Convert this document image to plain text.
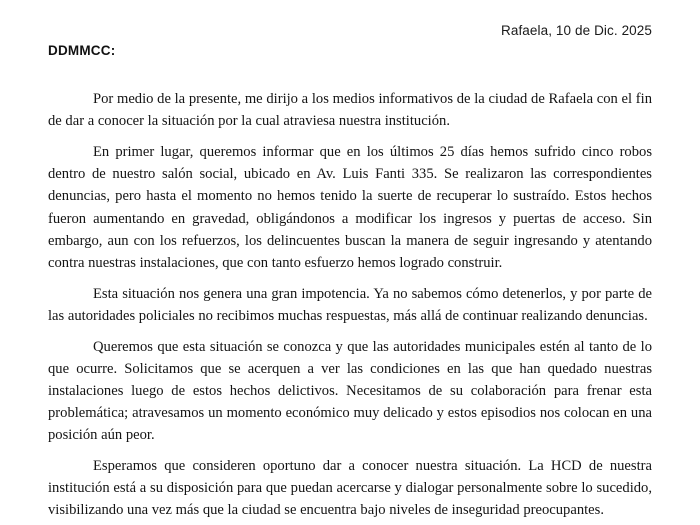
Rafaela, 10 de Dic. 2025
DDMMCC:

Por medio de la presente, me dirijo a los medios informativos de la ciudad de Rafaela con el fin de dar a conocer la situación por la cual atraviesa nuestra institución.

En primer lugar, queremos informar que en los últimos 25 días hemos sufrido cinco robos dentro de nuestro salón social, ubicado en Av. Luis Fanti 335. Se realizaron las correspondientes denuncias, pero hasta el momento no hemos tenido la suerte de recuperar lo sustraído. Estos hechos fueron aumentando en gravedad, obligándonos a modificar los ingresos y puertas de acceso. Sin embargo, aun con los refuerzos, los delincuentes buscan la manera de seguir ingresando y atentando contra nuestras instalaciones, que con tanto esfuerzo hemos logrado construir.

Esta situación nos genera una gran impotencia. Ya no sabemos cómo detenerlos, y por parte de las autoridades policiales no recibimos muchas respuestas, más allá de continuar realizando denuncias.

Queremos que esta situación se conozca y que las autoridades municipales estén al tanto de lo que ocurre. Solicitamos que se acerquen a ver las condiciones en las que han quedado nuestras instalaciones luego de estos hechos delictivos. Necesitamos de su colaboración para frenar esta problemática; atravesamos un momento económico muy delicado y estos episodios nos colocan en una posición aún peor.

Esperamos que consideren oportuno dar a conocer nuestra situación. La HCD de nuestra institución está a su disposición para que puedan acercarse y dialogar personalmente sobre lo sucedido, visibilizando una vez más que la ciudad se encuentra bajo niveles de inseguridad preocupantes.
